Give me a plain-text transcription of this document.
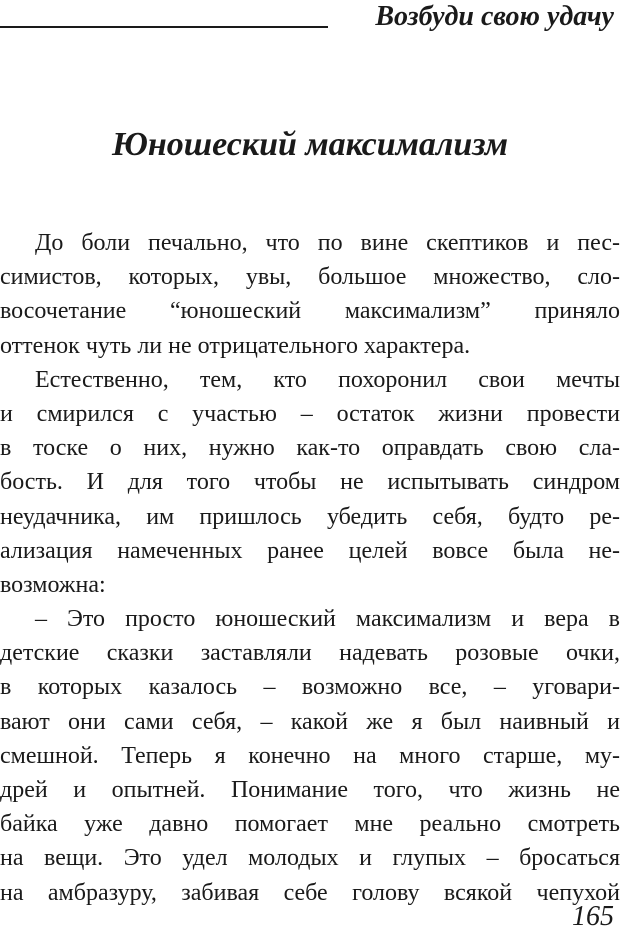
Возбуди свою удачу
Юношеский максимализм
До боли печально, что по вине скептиков и пес-
симистов, которых, увы, большое множество, сло-
восочетание “юношеский максимализм” приняло
оттенок чуть ли не отрицательного характера.
Естественно, тем, кто похоронил свои мечты
и смирился с участью – остаток жизни провести
в тоске о них, нужно как-то оправдать свою сла-
бость. И для того чтобы не испытывать синдром
неудачника, им пришлось убедить себя, будто ре-
ализация намеченных ранее целей вовсе была не-
возможна:
– Это просто юношеский максимализм и вера в
детские сказки заставляли надевать розовые очки,
в которых казалось – возможно все, – уговари-
вают они сами себя, – какой же я был наивный и
смешной. Теперь я конечно на много старше, му-
дрей и опытней. Понимание того, что жизнь не
байка уже давно помогает мне реально смотреть
на вещи. Это удел молодых и глупых – бросаться
на амбразуру, забивая себе голову всякой чепухой
165
